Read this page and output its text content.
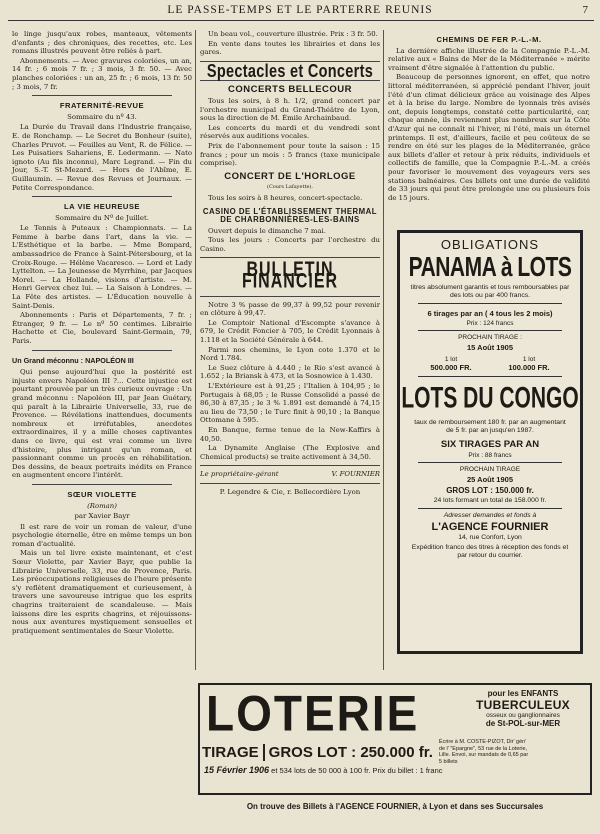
LE PASSE-TEMPS ET LE PARTERRE REUNIS	7

le linge jusqu'aux robes, manteaux, vêtements d'enfants ; des chroniques, des recettes, etc. Les romans illustrés peuvent être reliés à part.

Abonnements. — Avec gravures coloriées, un an, 14 fr. ; 6 mois 7 fr. ; 3 mois, 3 fr. 50. — Avec planches coloriées : un an, 25 fr. ; 6 mois, 13 fr. 50 ; 3 mois, 7 fr.

FRATERNITÉ-REVUE
Sommaire du nº 43.

La Durée du Travail dans l'Industrie française, E. de Ronchamp. — Le Secret du Bonheur (suite), Charles Pruvot. — Feuilles au Vent, R. de Félice. — Les Puisatiers Sahariens, E. Ledermann. — Nato ignoto (Au fils inconnu), Marc Legrand. — Fin du Jour, S.-T. St-Mezard. — Hors de l'Abîme, E. Guillaumin. — Revue des Revues et Journaux. — Petite Correspondance.

LA VIE HEUREUSE
Sommaire du Nº de Juillet.

Le Tennis à Puteaux : Championnats. — La Femme à barbe dans l'art, dans la vie. — L'Esthétique et la barbe. — Mme Bompard, ambassadrice de France à Saint-Pétersbourg, et la Croix-Rouge. — Hélène Vacaresco. — Lord et Lady Lyttelton. — La Jeunesse de Myrrhine, par Jacques Morel. — La Hollande, visions d'artiste. — M. Henri Gervex chez lui. — La Saison à Londres. — La Fête des artistes. — L'Éducation nouvelle à Saint-Denis.

Abonnements : Paris et Départements, 7 fr. ; Étranger, 9 fr. — Le nº 50 centimes. Librairie Hachette et Cie, boulevard Saint-Germain, 79, Paris.

Un Grand méconnu : NAPOLÉON III

Qui pense aujourd'hui que la postérité est injuste envers Napoléon III ?... Cette injustice est pourtant prouvée par un très curieux ouvrage : Un grand méconnu : Napoléon III, par Jean Guétary, qui paraît à la Librairie Universelle, 33, rue de Provence. — Révélations inattendues, documents nombreux et irréfutables, anecdotes extraordinaires, il y a mille choses captivantes dans ce livre, qui est vrai comme un livre d'histoire, plus intrigant qu'un roman, et passionnant comme un procès en réhabilitation. Des dessins, de beaux portraits inédits en France en augmentent encore l'intérêt.

SŒUR VIOLETTE
(Roman)
par Xavier Bayr

Il est rare de voir un roman de valeur, d'une psychologie éternelle, être en même temps un bon roman d'actualité.

Mais un tel livre existe maintenant, et c'est Sœur Violette, par Xavier Bayr, que publie la Librairie Universelle, 33, rue de Provence, Paris. Les préoccupations religieuses de l'heure présente s'y reflètent dramatiquement et curieusement, à travers une savoureuse intrigue que les esprits chagrins traiteraient de scandaleuse. — Mais laissons dire les esprits chagrins, et réjouissons-nous aux aventures mystiquement sensuelles et pratiquement sentimentales de Sœur Violette.

Un beau vol., couverture illustrée. Prix : 3 fr. 50.

En vente dans toutes les librairies et dans les gares.

Spectacles et Concerts
CONCERTS BELLECOUR

Tous les soirs, à 8 h. 1/2, grand concert par l'orchestre municipal du Grand-Théâtre de Lyon, sous la direction de M. Émile Archainbaud.

Les concerts du mardi et du vendredi sont réservés aux auditions vocales.

Prix de l'abonnement pour toute la saison : 15 francs ; pour un mois : 5 francs (taxe municipale comprise).

CONCERT DE L'HORLOGE
(Cours Lafayette).

Tous les soirs à 8 heures, concert-spectacle.

CASINO DE L'ÉTABLISSEMENT THERMAL DE CHARBONNIÈRES-LES-BAINS

Ouvert depuis le dimanche 7 mai.

Tous les jours : Concerts par l'orchestre du Casino.

BULLETIN FINANCIER

Notre 3 % passe de 99,37 à 99,52 pour revenir en clôture à 99,47.

Le Comptoir National d'Escompte s'avance à 679, le Crédit Foncier à 705, le Crédit Lyonnais à 1.118 et la Société Générale à 644.

Parmi nos chemins, le Lyon cote 1.370 et le Nord 1.784.

Le Suez clôture à 4.440 ; le Rio s'est avancé à 1.652 ; la Briansk à 473, et la Sosnowice à 1.430.

L'Extérieure est à 91,25 ; l'Italien à 104,95 ; le Portugais à 68,05 ; le Russe Consolidé a passé de 86,30 à 87,35 ; le 3 % 1.891 est demandé à 74,15 au lieu de 73,50 ; le Turc finit à 90,10 ; la Banque Ottomane à 595.

En Banque, ferme tenue de la New-Kaffirs à 40,50.

La Dynamite Anglaise (The Explosive and Chemical products) se traite activement à 34,50.

Le propriétaire-gérant	V. FOURNIER
P. Legendre & Cie, r. Bellecordière Lyon
CHEMINS DE FER P.-L.-M.

La dernière affiche illustrée de la Compagnie P.-L.-M. relative aux « Bains de Mer de la Méditerranée » mérite vraiment d'être signalée à l'attention du public.

Beaucoup de personnes ignorent, en effet, que notre littoral méditerranéen, si apprécié pendant l'hiver, jouit l'été d'un climat délicieux grâce au voisinage des Alpes et à la brise du large. Nombre de lyonnais très avisés ont, depuis longtemps, constaté cette particularité, car, chaque année, ils reviennent plus nombreux sur la Côte d'Azur qui ne connaît ni l'hiver, ni l'été, mais un éternel printemps. Il est, d'ailleurs, facile et peu coûteux de se rendre en été sur les plages de la Méditerranée, grâce aux billets d'aller et retour à prix réduits, individuels et collectifs de famille, que la Compagnie P.-L.-M. a créés pour favoriser le mouvement des voyageurs vers ses stations balnéaires. Ces billets ont une durée de validité de 33 jours qui peut être prolongée une ou plusieurs fois de 15 jours.

OBLIGATIONS
PANAMA à LOTS
titres absolument garantis et tous remboursables par des lots ou par 400 francs.
6 tirages par an ( 4 tous les 2 mois)
Prix : 124 francs
PROCHAIN TIRAGE :
15 Août 1905
1 lot
500.000 FR.
1 lot
100.000 FR.
LOTS DU CONGO
taux de remboursement 180 fr. par an augmentant de 5 fr. par an jusqu'en 1987.
SIX TIRAGES PAR AN
Prix : 88 francs
PROCHAIN TIRAGE
25 Août 1905
GROS LOT : 150.000 fr.
24 lots formant un total de 158.000 fr.
Adresser demandes et fonds à
L'AGENCE FOURNIER
14, rue Confort, Lyon
Expédition franco des titres à réception des fonds et par retour du courrier.
LOTERIE	pour les ENFANTS
TUBERCULEUX
osseux ou ganglionnaires
de St-POL-sur-MER
TIRAGE GROS LOT : 250.000 fr.
Écrire à M. COSTE-PIZOT, Dir' gén' de l' "Epargne", 53 rue de la Loterie, Lille. Envoi, sur mandats de 0,65 par 5 billets
15 Février 1906 et 534 lots de 50 000 à 100 fr. Prix du billet : 1 franc
On trouve des Billets à l'AGENCE FOURNIER, à Lyon et dans ses Succursales
